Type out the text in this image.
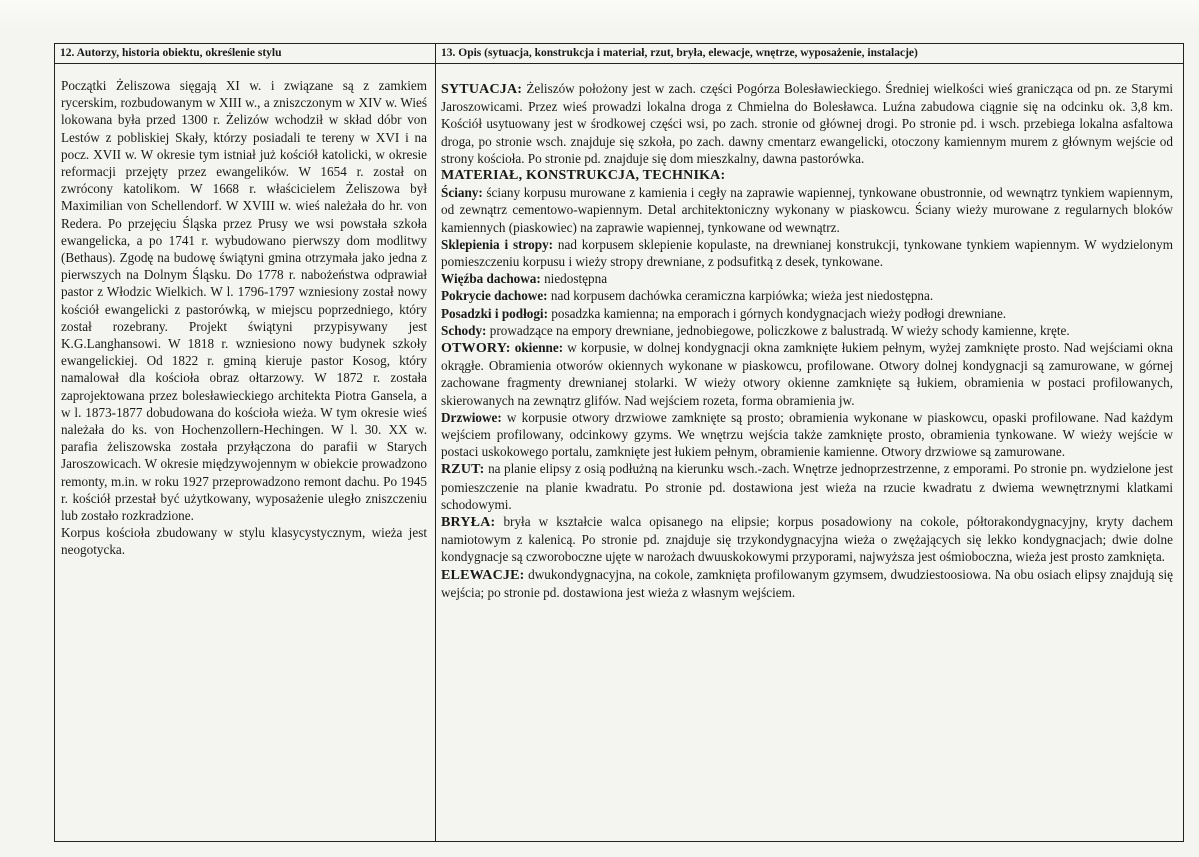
12. Autorzy, historia obiektu, określenie stylu	13. Opis (sytuacja, konstrukcja i materiał, rzut, bryła, elewacje, wnętrze, wyposażenie, instalacje)

Początki Żeliszowa sięgają XI w. i związane są z zamkiem rycerskim, rozbudowanym w XIII w., a zniszczonym w XIV w. Wieś lokowana była przed 1300 r. Żelizów wchodził w skład dóbr von Lestów z pobliskiej Skały, którzy posiadali te tereny w XVI i na pocz. XVII w. W okresie tym istniał już kościół katolicki, w okresie reformacji przejęty przez ewangelików. W 1654 r. został on zwrócony katolikom. W 1668 r. właścicielem Żeliszowa był Maximilian von Schellendorf. W XVIII w. wieś należała do hr. von Redera. Po przejęciu Śląska przez Prusy we wsi powstała szkoła ewangelicka, a po 1741 r. wybudowano pierwszy dom modlitwy (Bethaus). Zgodę na budowę świątyni gmina otrzymała jako jedna z pierwszych na Dolnym Śląsku. Do 1778 r. nabożeństwa odprawiał pastor z Włodzic Wielkich. W l. 1796-1797 wzniesiony został nowy kościół ewangelicki z pastorówką, w miejscu poprzedniego, który został rozebrany. Projekt świątyni przypisywany jest K.G.Langhansowi. W 1818 r. wzniesiono nowy budynek szkoły ewangelickiej. Od 1822 r. gminą kieruje pastor Kosog, który namalował dla kościoła obraz ołtarzowy. W 1872 r. została zaprojektowana przez bolesławieckiego architekta Piotra Gansela, a w l. 1873-1877 dobudowana do kościoła wieża. W tym okresie wieś należała do ks. von Hochenzollern-Hechingen. W l. 30. XX w. parafia żeliszowska została przyłączona do parafii w Starych Jaroszowicach. W okresie międzywojennym w obiekcie prowadzono remonty, m.in. w roku 1927 przeprowadzono remont dachu. Po 1945 r. kościół przestał być użytkowany, wyposażenie uległo zniszczeniu lub zostało rozkradzione.

Korpus kościoła zbudowany w stylu klasycystycznym, wieża jest neogotycka.

SYTUACJA: Żeliszów położony jest w zach. części Pogórza Bolesławieckiego. Średniej wielkości wieś granicząca od pn. ze Starymi Jaroszowicami. Przez wieś prowadzi lokalna droga z Chmielna do Bolesławca. Luźna zabudowa ciągnie się na odcinku ok. 3,8 km. Kościół usytuowany jest w środkowej części wsi, po zach. stronie od głównej drogi. Po stronie pd. i wsch. przebiega lokalna asfaltowa droga, po stronie wsch. znajduje się szkoła, po zach. dawny cmentarz ewangelicki, otoczony kamiennym murem z głównym wejście od strony kościoła. Po stronie pd. znajduje się dom mieszkalny, dawna pastorówka.

MATERIAŁ, KONSTRUKCJA, TECHNIKA:

Ściany: ściany korpusu murowane z kamienia i cegły na zaprawie wapiennej, tynkowane obustronnie, od wewnątrz tynkiem wapiennym, od zewnątrz cementowo-wapiennym. Detal architektoniczny wykonany w piaskowcu. Ściany wieży murowane z regularnych bloków kamiennych (piaskowiec) na zaprawie wapiennej, tynkowane od wewnątrz.

Sklepienia i stropy: nad korpusem sklepienie kopulaste, na drewnianej konstrukcji, tynkowane tynkiem wapiennym. W wydzielonym pomieszczeniu korpusu i wieży stropy drewniane, z podsufitką z desek, tynkowane.

Więźba dachowa: niedostępna

Pokrycie dachowe: nad korpusem dachówka ceramiczna karpiówka; wieża jest niedostępna.

Posadzki i podłogi: posadzka kamienna; na emporach i górnych kondygnacjach wieży podłogi drewniane.

Schody: prowadzące na empory drewniane, jednobiegowe, policzkowe z balustradą. W wieży schody kamienne, kręte.

OTWORY: okienne: w korpusie, w dolnej kondygnacji okna zamknięte łukiem pełnym, wyżej zamknięte prosto. Nad wejściami okna okrągłe. Obramienia otworów okiennych wykonane w piaskowcu, profilowane. Otwory dolnej kondygnacji są zamurowane, w górnej zachowane fragmenty drewnianej stolarki. W wieży otwory okienne zamknięte są łukiem, obramienia w postaci profilowanych, skierowanych na zewnątrz glifów. Nad wejściem rozeta, forma obramienia jw.

Drzwiowe: w korpusie otwory drzwiowe zamknięte są prosto; obramienia wykonane w piaskowcu, opaski profilowane. Nad każdym wejściem profilowany, odcinkowy gzyms. We wnętrzu wejścia także zamknięte prosto, obramienia tynkowane. W wieży wejście w postaci uskokowego portalu, zamknięte jest łukiem pełnym, obramienie kamienne. Otwory drzwiowe są zamurowane.

RZUT: na planie elipsy z osią podłużną na kierunku wsch.-zach. Wnętrze jednoprzestrzenne, z emporami. Po stronie pn. wydzielone jest pomieszczenie na planie kwadratu. Po stronie pd. dostawiona jest wieża na rzucie kwadratu z dwiema wewnętrznymi klatkami schodowymi.

BRYŁA: bryła w kształcie walca opisanego na elipsie; korpus posadowiony na cokole, półtorakondygnacyjny, kryty dachem namiotowym z kalenicą. Po stronie pd. znajduje się trzykondygnacyjna wieża o zwężających się lekko kondygnacjach; dwie dolne kondygnacje są czworoboczne ujęte w narożach dwuuskokowymi przyporami, najwyższa jest ośmioboczna, wieża jest prosto zamknięta.

ELEWACJE: dwukondygnacyjna, na cokole, zamknięta profilowanym gzymsem, dwudziestoosiowa. Na obu osiach elipsy znajdują się wejścia; po stronie pd. dostawiona jest wieża z własnym wejściem.
